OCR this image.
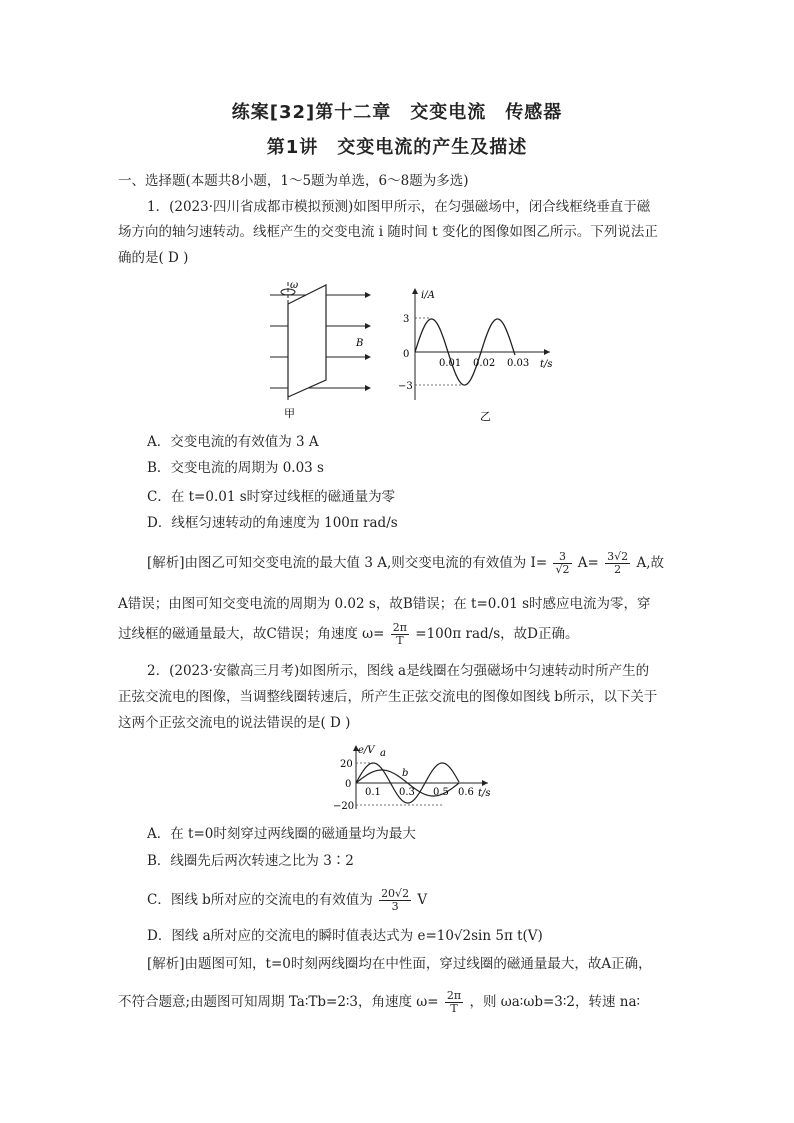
练案[32]第十二章　交变电流　传感器
第1讲　交变电流的产生及描述
一、选择题(本题共8小题，1～5题为单选，6～8题为多选)
1．(2023·四川省成都市模拟预测)如图甲所示，在匀强磁场中，闭合线框绕垂直于磁
场方向的轴匀速转动。线框产生的交变电流 i 随时间 t 变化的图像如图乙所示。下列说法正
确的是( D )
ω
B
甲
i/A
t/s
3
0
−3
0.01 0.02 0.03
乙
A．交变电流的有效值为 3 A
B．交变电流的周期为 0.03 s
C．在 t=0.01 s时穿过线框的磁通量为零
D．线框匀速转动的角速度为 100π rad/s
[解析]由图乙可知交变电流的最大值 3 A,则交变电流的有效值为 $I= \frac{3}{√2} A= \frac{3√2}{2} A$,故
A错误；由图可知交变电流的周期为 0.02 s，故B错误；在 t=0.01 s时感应电流为零，穿
过线框的磁通量最大，故C错误；角速度 $\omega= \frac{2\pi}{T} =100\pi$ rad/s，故D正确。
2．(2023·安徽高三月考)如图所示，图线 a是线圈在匀强磁场中匀速转动时所产生的
正弦交流电的图像，当调整线圈转速后，所产生正弦交流电的图像如图线 b所示，以下关于
这两个正弦交流电的说法错误的是( D )
e/V
t/s
a
b
20
0
−20
0.1 0.3 0.5 0.6
A．在 t=0时刻穿过两线圈的磁通量均为最大
B．线圈先后两次转速之比为 3∶2
C．图线 b所对应的交流电的有效值为 $\frac{20√2}{3}$ V
D．图线 a所对应的交流电的瞬时值表达式为 e=10√2sin 5π t(V)
[解析]由题图可知，t=0时刻两线圈均在中性面，穿过线圈的磁通量最大，故A正确，
不符合题意;由题图可知周期 Ta∶Tb=2∶3，角速度 $\omega= \frac{2\pi}{T}$ ，则 ωa∶ωb=3∶2，转速 na∶
